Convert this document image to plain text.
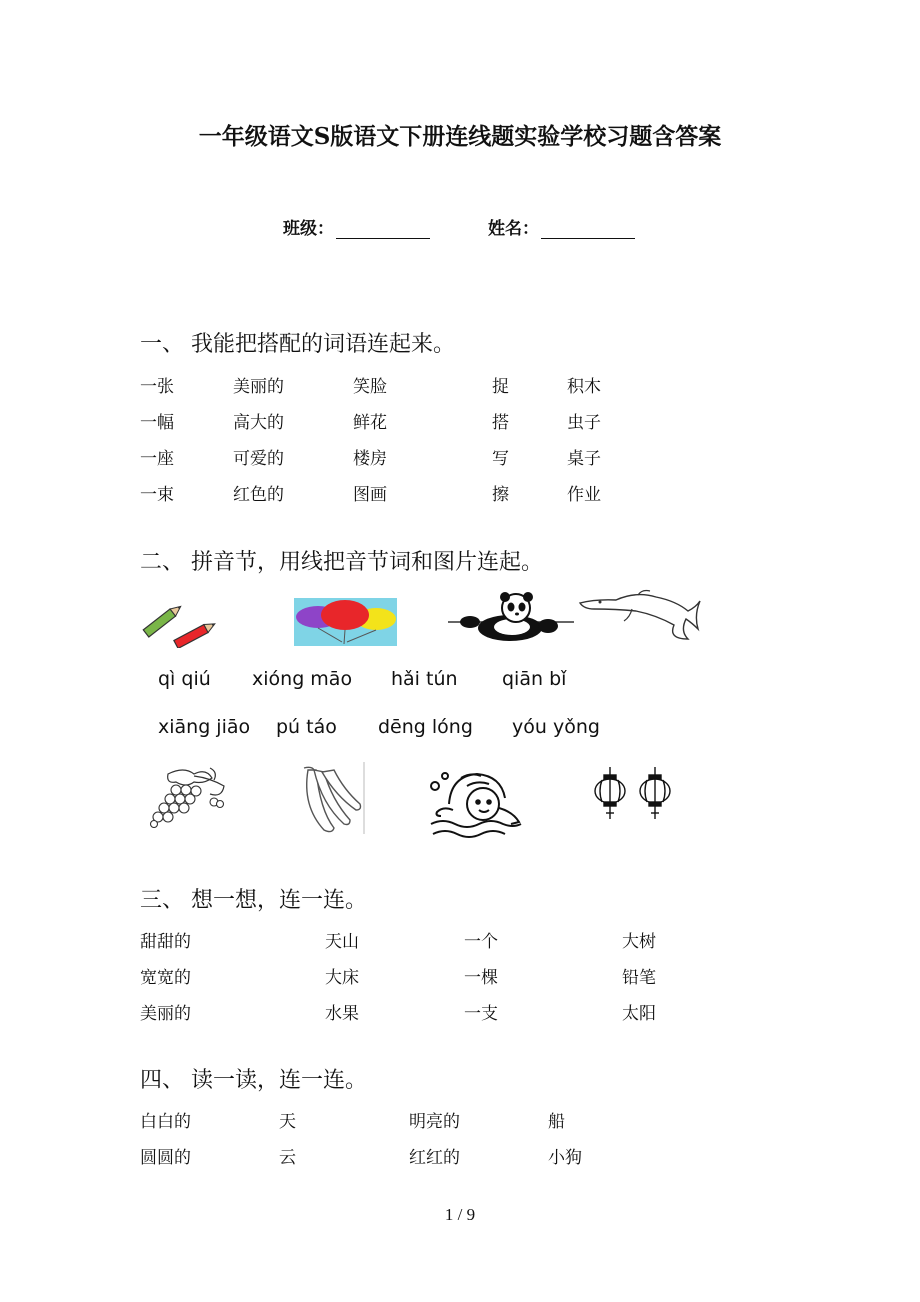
一年级语文S版语文下册连线题实验学校习题含答案
班级：	姓名：
一、 我能把搭配的词语连起来。
一张	美丽的	笑脸	捉	积木
一幅	高大的	鲜花	搭	虫子
一座	可爱的	楼房	写	桌子
一束	红色的	图画	擦	作业
二、 拼音节，用线把音节词和图片连起。
qì qiú xióng māo hǎi tún qiān bǐ
xiāng jiāo pú táo dēng lóng yóu yǒng
三、 想一想，连一连。
甜甜的	天山	一个	大树
宽宽的	大床	一棵	铅笔
美丽的	水果	一支	太阳
四、 读一读，连一连。
白白的	天	明亮的	船
圆圆的	云	红红的	小狗
1 / 9
